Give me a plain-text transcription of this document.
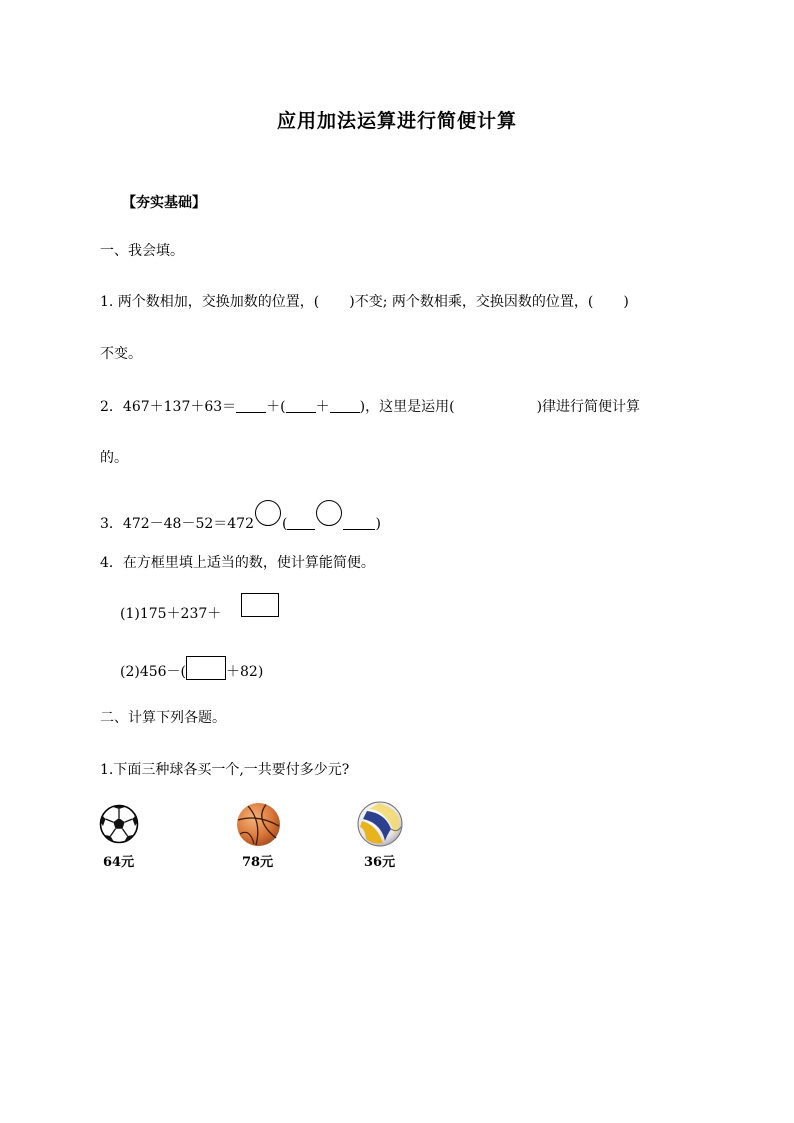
应用加法运算进行简便计算
【夯实基础】
一、我会填。
1. 两个数相加，交换加数的位置，( )不变; 两个数相乘，交换因数的位置，( )
不变。
2．467＋137＋63＝ ＋( ＋ )，这里是运用(	)律进行简便计算
的。
3．472－48－52＝472 (	)
4．在方框里填上适当的数，使计算能简便。
(1)175＋237＋
(2)456－(	＋82)
二、计算下列各题。
1.下面三种球各买一个,一共要付多少元?
64元	78元	36元
